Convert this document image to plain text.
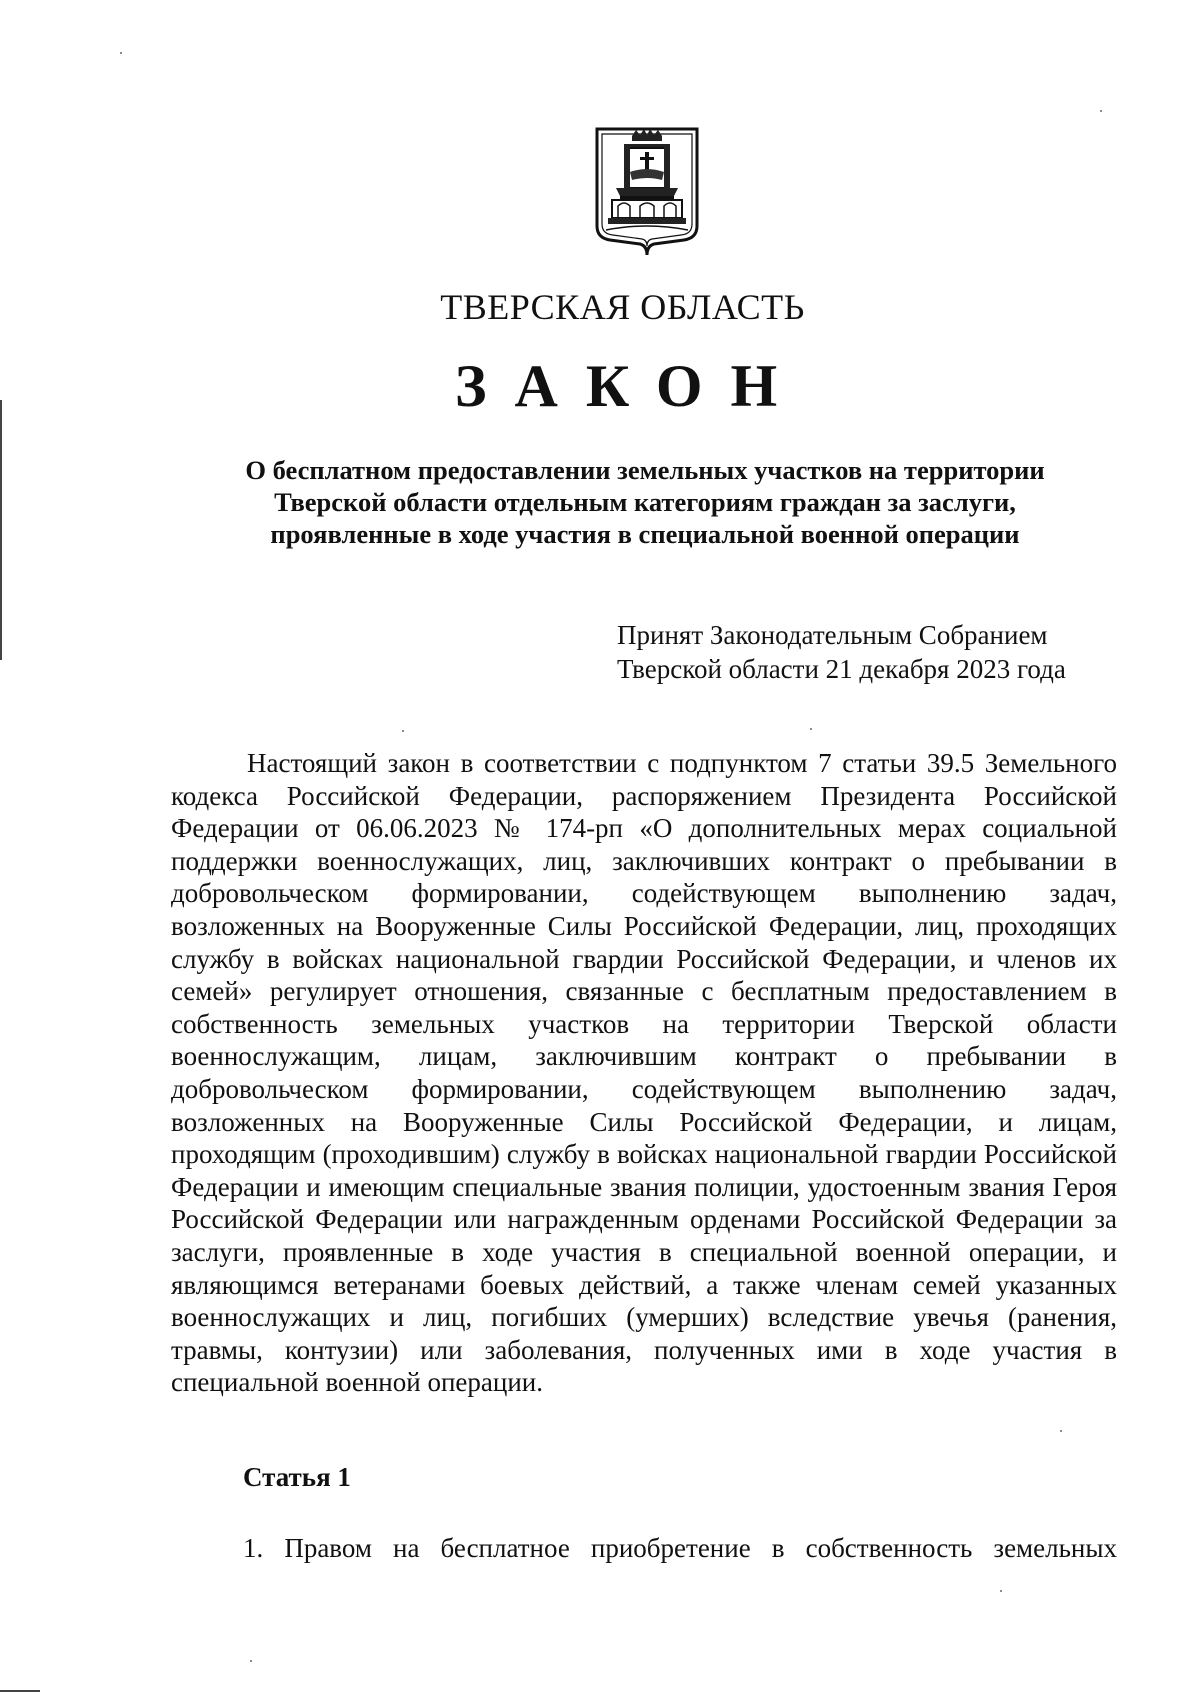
ТВЕРСКАЯ ОБЛАСТЬ
ЗАКОН
О бесплатном предоставлении земельных участков на территории
Тверской области отдельным категориям граждан за заслуги,
проявленные в ходе участия в специальной военной операции
Принят Законодательным Собранием
Тверской области 21 декабря 2023 года
Настоящий закон в соответствии с подпунктом 7 статьи 39.5 Земельного кодекса Российской Федерации, распоряжением Президента Российской Федерации от 06.06.2023 № 174-рп «О дополнительных мерах социальной поддержки военнослужащих, лиц, заключивших контракт о пребывании в добровольческом формировании, содействующем выполнению задач, возложенных на Вооруженные Силы Российской Федерации, лиц, проходящих службу в войсках национальной гвардии Российской Федерации, и членов их семей» регулирует отношения, связанные с бесплатным предоставлением в собственность земельных участков на территории Тверской области военнослужащим, лицам, заключившим контракт о пребывании в добровольческом формировании, содействующем выполнению задач, возложенных на Вооруженные Силы Российской Федерации, и лицам, проходящим (проходившим) службу в войсках национальной гвардии Российской Федерации и имеющим специальные звания полиции, удостоенным звания Героя Российской Федерации или награжденным орденами Российской Федерации за заслуги, проявленные в ходе участия в специальной военной операции, и являющимся ветеранами боевых действий, а также членам семей указанных военнослужащих и лиц, погибших (умерших) вследствие увечья (ранения, травмы, контузии) или заболевания, полученных ими в ходе участия в специальной военной операции.
Статья 1
1. Правом на бесплатное приобретение в собственность земельных
